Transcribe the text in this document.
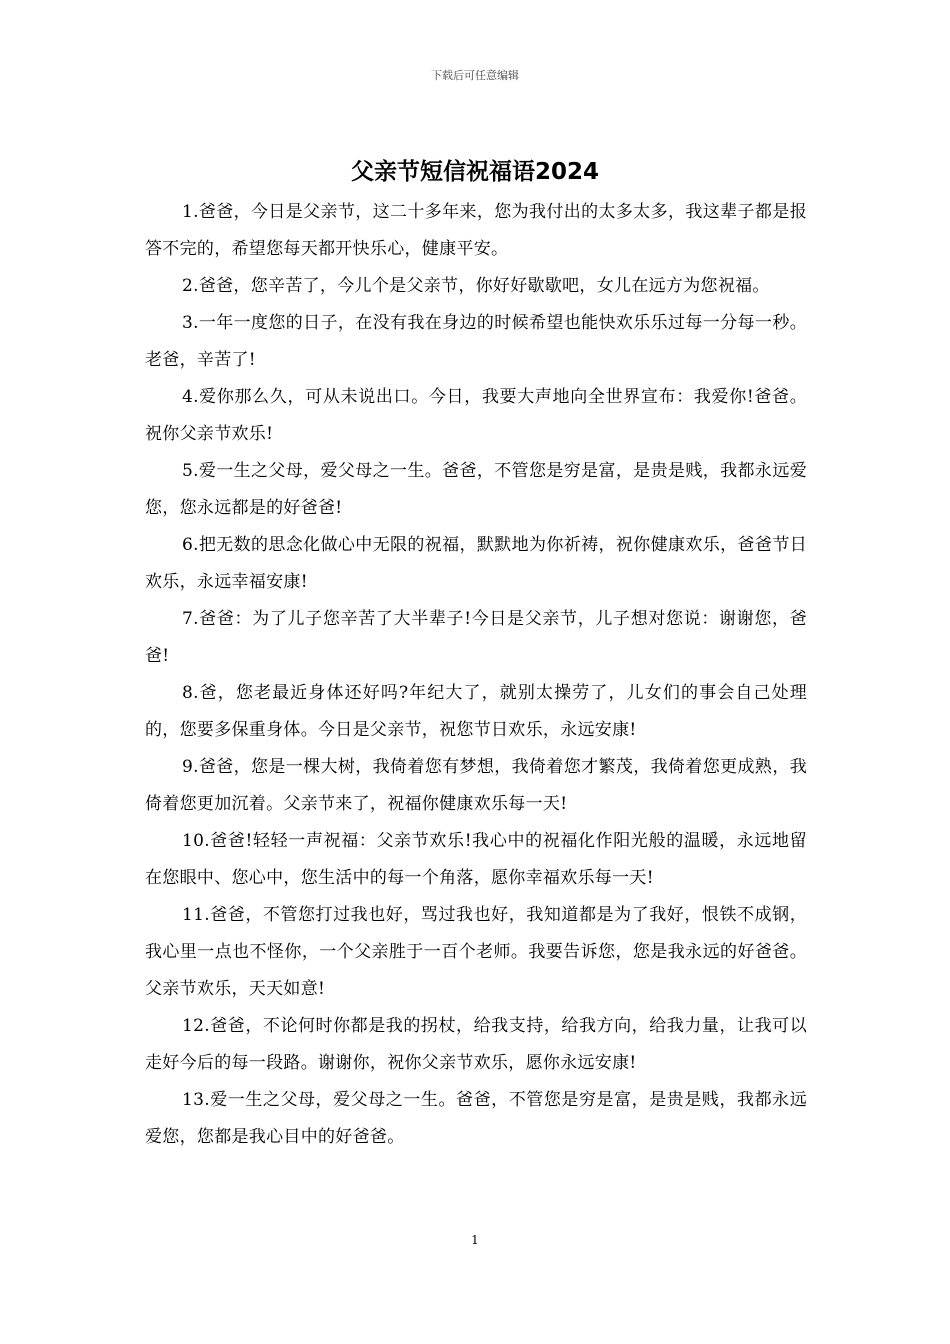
下载后可任意编辑
父亲节短信祝福语2024

1.爸爸，今日是父亲节，这二十多年来，您为我付出的太多太多，我这辈子都是报答不完的，希望您每天都开快乐心，健康平安。

2.爸爸，您辛苦了，今儿个是父亲节，你好好歇歇吧，女儿在远方为您祝福。

3.一年一度您的日子，在没有我在身边的时候希望也能快欢乐乐过每一分每一秒。老爸，辛苦了!

4.爱你那么久，可从未说出口。今日，我要大声地向全世界宣布：我爱你!爸爸。祝你父亲节欢乐!

5.爱一生之父母，爱父母之一生。爸爸，不管您是穷是富，是贵是贱，我都永远爱您，您永远都是的好爸爸!

6.把无数的思念化做心中无限的祝福，默默地为你祈祷，祝你健康欢乐，爸爸节日欢乐，永远幸福安康!

7.爸爸：为了儿子您辛苦了大半辈子!今日是父亲节，儿子想对您说：谢谢您，爸爸!

8.爸，您老最近身体还好吗?年纪大了，就别太操劳了，儿女们的事会自己处理的，您要多保重身体。今日是父亲节，祝您节日欢乐，永远安康!

9.爸爸，您是一棵大树，我倚着您有梦想，我倚着您才繁茂，我倚着您更成熟，我倚着您更加沉着。父亲节来了，祝福你健康欢乐每一天!

10.爸爸!轻轻一声祝福：父亲节欢乐!我心中的祝福化作阳光般的温暖，永远地留在您眼中、您心中，您生活中的每一个角落，愿你幸福欢乐每一天!

11.爸爸，不管您打过我也好，骂过我也好，我知道都是为了我好，恨铁不成钢，我心里一点也不怪你，一个父亲胜于一百个老师。我要告诉您，您是我永远的好爸爸。父亲节欢乐，天天如意!

12.爸爸，不论何时你都是我的拐杖，给我支持，给我方向，给我力量，让我可以走好今后的每一段路。谢谢你，祝你父亲节欢乐，愿你永远安康!

13.爱一生之父母，爱父母之一生。爸爸，不管您是穷是富，是贵是贱，我都永远爱您，您都是我心目中的好爸爸。

1
